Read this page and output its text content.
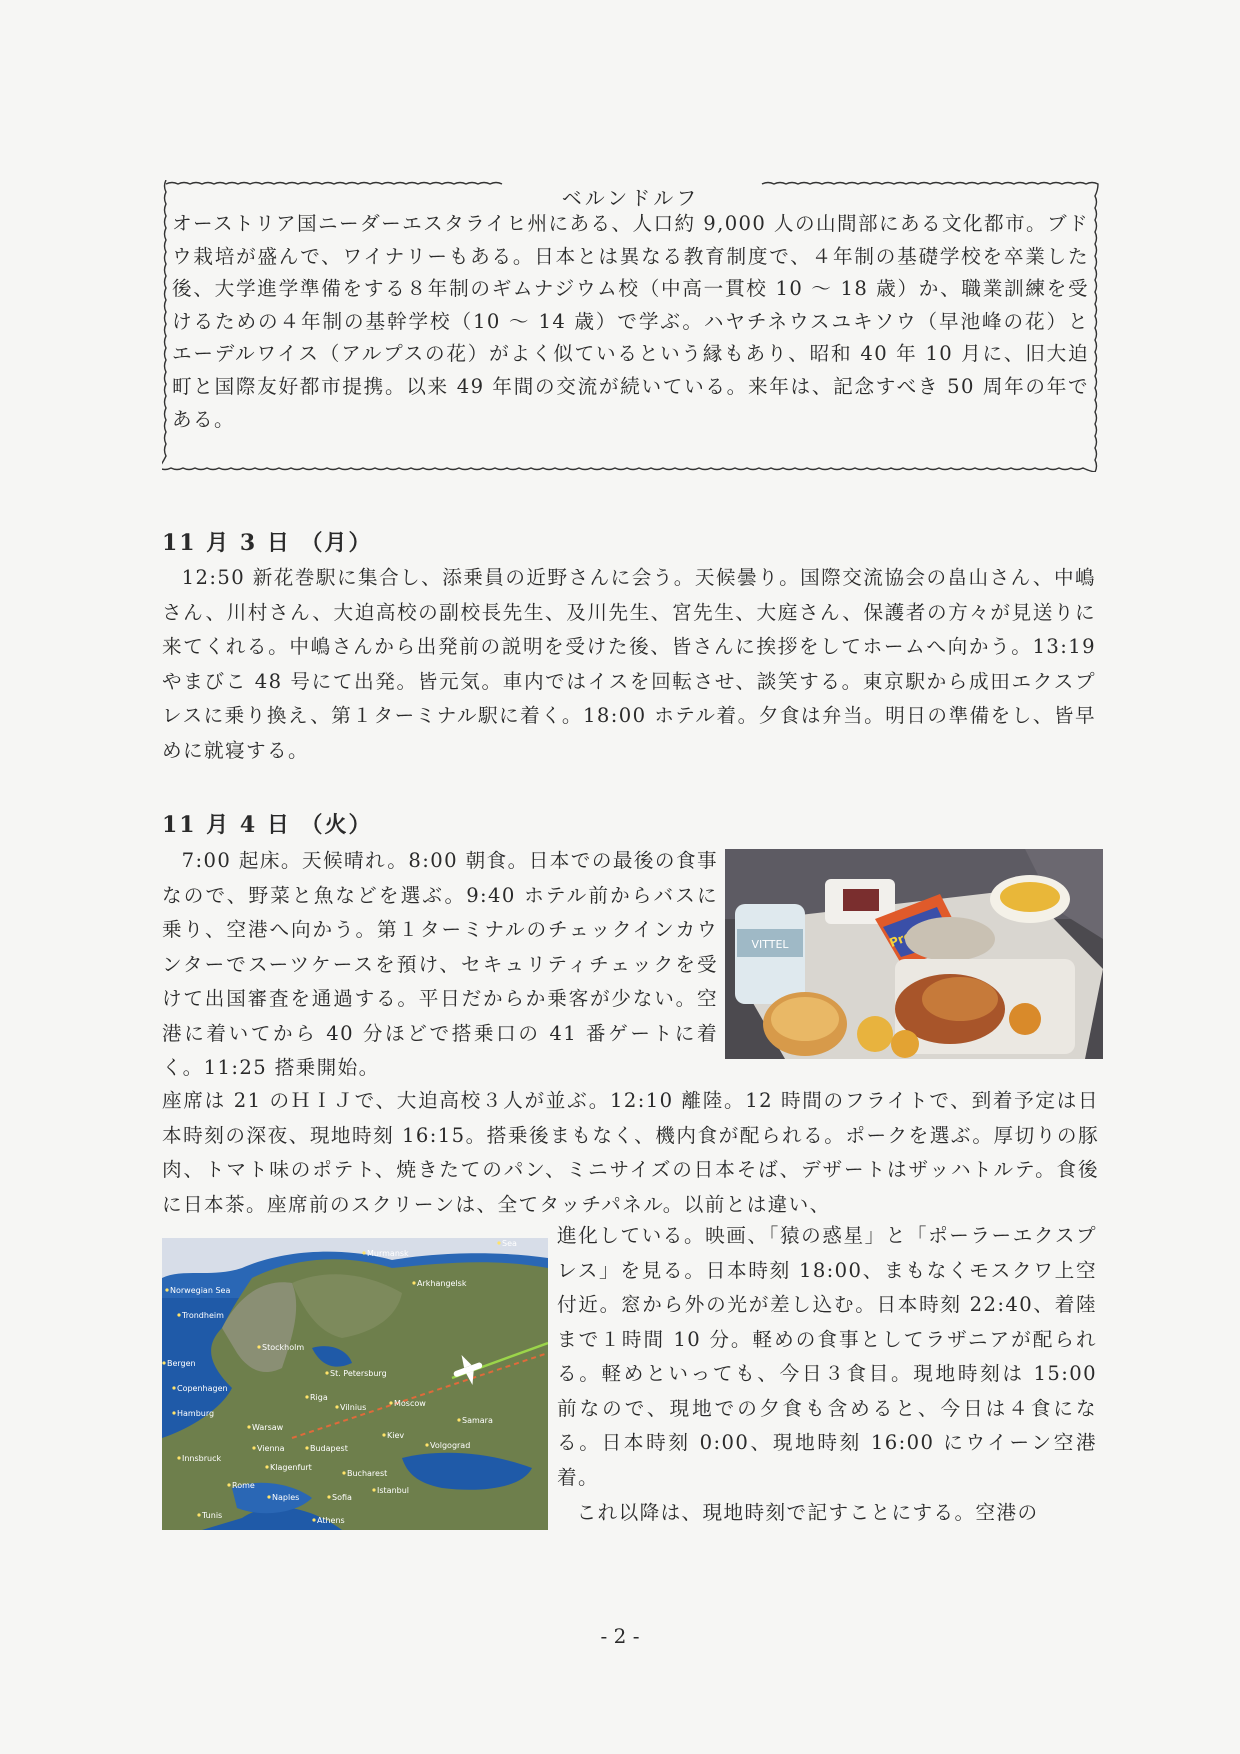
ベルンドルフ

オーストリア国ニーダーエスタライヒ州にある、人口約 9,000 人の山間部にある文化都市。ブドウ栽培が盛んで、ワイナリーもある。日本とは異なる教育制度で、４年制の基礎学校を卒業した後、大学進学準備をする８年制のギムナジウム校（中高一貫校 10 ～ 18 歳）か、職業訓練を受けるための４年制の基幹学校（10 ～ 14 歳）で学ぶ。ハヤチネウスユキソウ（早池峰の花）とエーデルワイス（アルプスの花）がよく似ているという縁もあり、昭和 40 年 10 月に、旧大迫町と国際友好都市提携。以来 49 年間の交流が続いている。来年は、記念すべき 50 周年の年である。

11 月 3 日 （月）

12:50 新花巻駅に集合し、添乗員の近野さんに会う。天候曇り。国際交流協会の畠山さん、中嶋さん、川村さん、大迫高校の副校長先生、及川先生、宮先生、大庭さん、保護者の方々が見送りに来てくれる。中嶋さんから出発前の説明を受けた後、皆さんに挨拶をしてホームへ向かう。13:19 やまびこ 48 号にて出発。皆元気。車内ではイスを回転させ、談笑する。東京駅から成田エクスプレスに乗り換え、第１ターミナル駅に着く。18:00 ホテル着。夕食は弁当。明日の準備をし、皆早めに就寝する。

11 月 4 日 （火）

7:00 起床。天候晴れ。8:00 朝食。日本での最後の食事なので、野菜と魚などを選ぶ。9:40 ホテル前からバスに乗り、空港へ向かう。第１ターミナルのチェックインカウンターでスーツケースを預け、セキュリティチェックを受けて出国審査を通過する。平日だからか乗客が少ない。空港に着いてから 40 分ほどで搭乗口の 41 番ゲートに着く。11:25 搭乗開始。

VITTEL

座席は 21 のＨＩＪで、大迫高校３人が並ぶ。12:10 離陸。12 時間のフライトで、到着予定は日本時刻の深夜、現地時刻 16:15。搭乗後まもなく、機内食が配られる。ポークを選ぶ。厚切りの豚肉、トマト味のポテト、焼きたてのパン、ミニサイズの日本そば、デザートはザッハトルテ。食後に日本茶。座席前のスクリーンは、全てタッチパネル。以前とは違い、

Murmansk
Norwegian Sea
Arkhangelsk
Trondheim
St. Petersburg
Stockholm
Bergen
Riga
Copenhagen
Moscow
Vilnius
Samara
Hamburg
Warsaw
Kiev
Vienna	Budapest	Volgograd
Innsbruck
Klagenfurt
Bucharest
Rome
Naples	Sofia
Istanbul
Athens
Tunis
Sea 進化している。映画、「猿の惑星」と「ポーラーエクスプレス」を見る。日本時刻 18:00、まもなくモスクワ上空付近。窓から外の光が差し込む。日本時刻 22:40、着陸まで１時間 10 分。軽めの食事としてラザニアが配られる。軽めといっても、今日３食目。現地時刻は 15:00 前なので、現地での夕食も含めると、今日は４食になる。日本時刻 0:00、現地時刻 16:00 にウイーン空港着。

これ以降は、現地時刻で記すことにする。空港の

- 2 -
